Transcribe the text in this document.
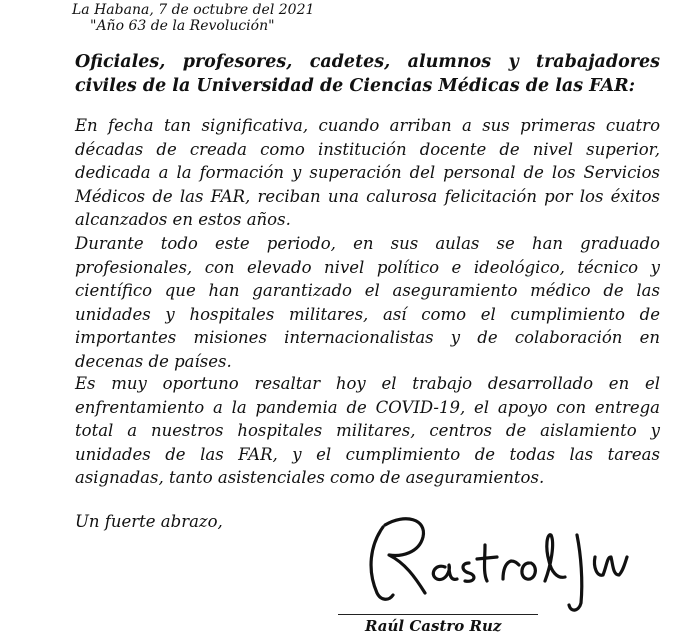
La Habana, 7 de octubre del 2021
"Año 63 de la Revolución"
Oficiales, profesores, cadetes, alumnos y trabajadores civiles de la Universidad de Ciencias Médicas de las FAR:
En fecha tan significativa, cuando arriban a sus primeras cuatro décadas de creada como institución docente de nivel superior, dedicada a la formación y superación del personal de los Servicios Médicos de las FAR, reciban una calurosa felicitación por los éxitos alcanzados en estos años.
Durante todo este periodo, en sus aulas se han graduado profesionales, con elevado nivel político e ideológico, técnico y científico que han garantizado el aseguramiento médico de las unidades y hospitales militares, así como el cumplimiento de importantes misiones internacionalistas y de colaboración en decenas de países.
Es muy oportuno resaltar hoy el trabajo desarrollado en el enfrentamiento a la pandemia de COVID-19, el apoyo con entrega total a nuestros hospitales militares, centros de aislamiento y unidades de las FAR, y el cumplimiento de todas las tareas asignadas, tanto asistenciales como de aseguramientos.
Un fuerte abrazo,
Raúl Castro Ruz
